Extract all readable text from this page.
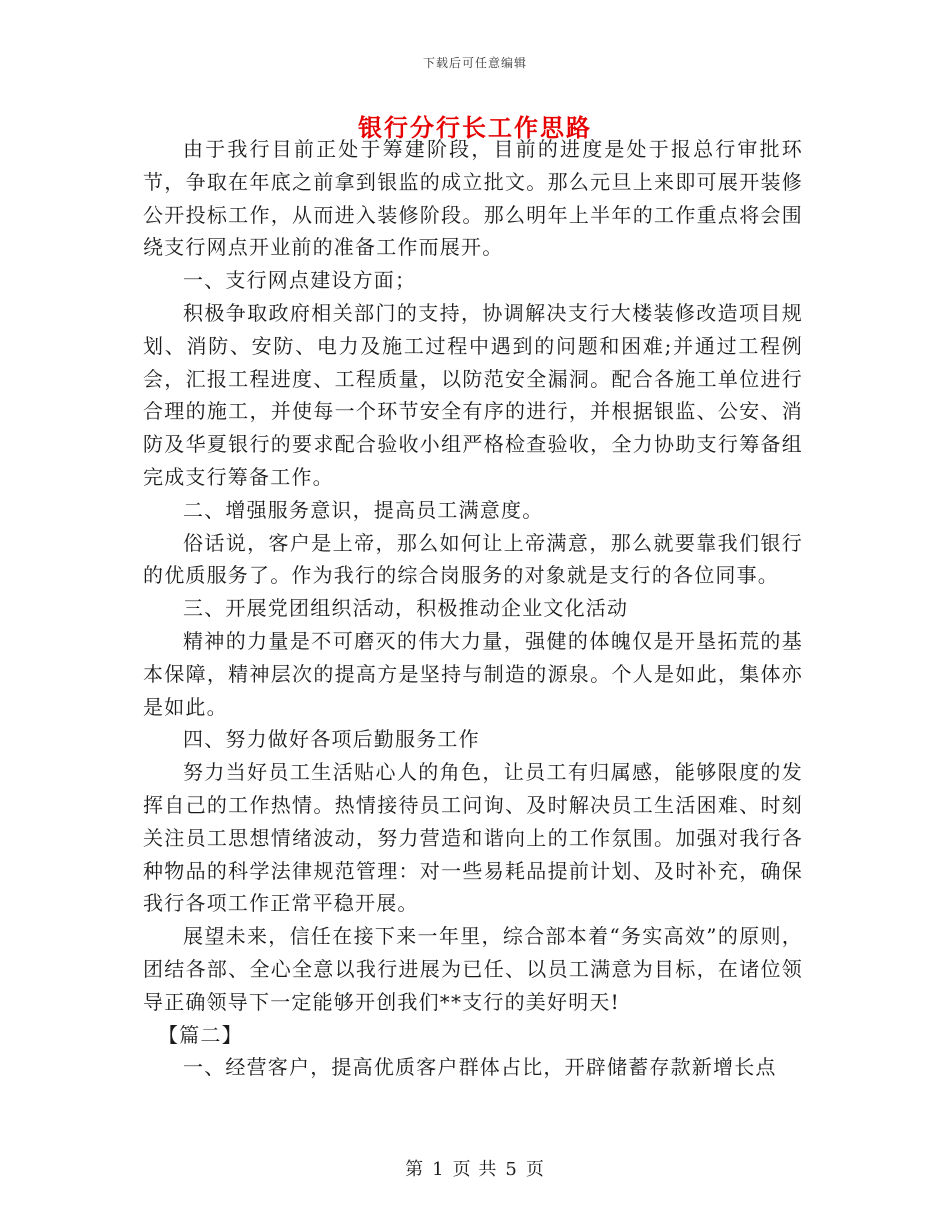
下载后可任意编辑
银行分行长工作思路

由于我行目前正处于筹建阶段，目前的进度是处于报总行审批环节，争取在年底之前拿到银监的成立批文。那么元旦上来即可展开装修公开投标工作，从而进入装修阶段。那么明年上半年的工作重点将会围绕支行网点开业前的准备工作而展开。

一、支行网点建设方面；

积极争取政府相关部门的支持，协调解决支行大楼装修改造项目规划、消防、安防、电力及施工过程中遇到的问题和困难;并通过工程例会，汇报工程进度、工程质量，以防范安全漏洞。配合各施工单位进行合理的施工，并使每一个环节安全有序的进行，并根据银监、公安、消防及华夏银行的要求配合验收小组严格检查验收，全力协助支行筹备组完成支行筹备工作。

二、增强服务意识，提高员工满意度。

俗话说，客户是上帝，那么如何让上帝满意，那么就要靠我们银行的优质服务了。作为我行的综合岗服务的对象就是支行的各位同事。

三、开展党团组织活动，积极推动企业文化活动

精神的力量是不可磨灭的伟大力量，强健的体魄仅是开垦拓荒的基本保障，精神层次的提高方是坚持与制造的源泉。个人是如此，集体亦是如此。

四、努力做好各项后勤服务工作

努力当好员工生活贴心人的角色，让员工有归属感，能够限度的发挥自己的工作热情。热情接待员工问询、及时解决员工生活困难、时刻关注员工思想情绪波动，努力营造和谐向上的工作氛围。加强对我行各种物品的科学法律规范管理：对一些易耗品提前计划、及时补充，确保我行各项工作正常平稳开展。

展望未来，信任在接下来一年里，综合部本着“务实高效”的原则，团结各部、全心全意以我行进展为已任、以员工满意为目标，在诸位领导正确领导下一定能够开创我们**支行的美好明天!

【篇二】

一、经营客户，提高优质客户群体占比，开辟储蓄存款新增长点

第 1 页 共 5 页
